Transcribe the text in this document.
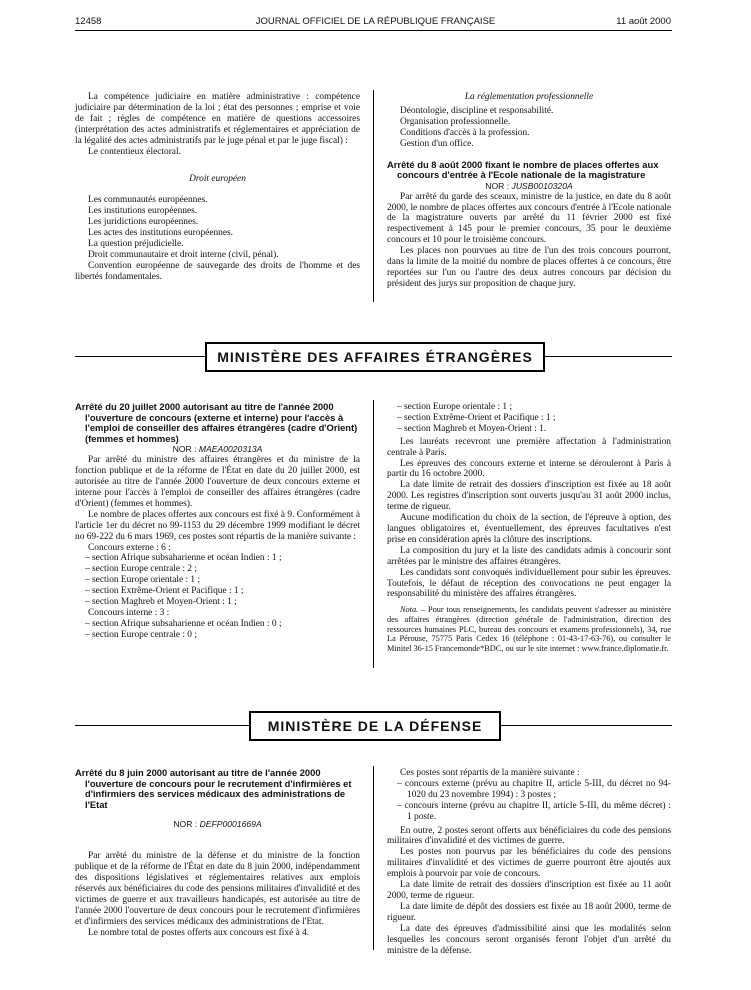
12458	JOURNAL OFFICIEL DE LA RÉPUBLIQUE FRANÇAISE	11 août 2000

La compétence judiciaire en matière administrative : compétence judiciaire par détermination de la loi ; état des personnes ; emprise et voie de fait ; règles de compétence en matière de questions accessoires (interprétation des actes administratifs et réglementaires et appréciation de la légalité des actes administratifs par le juge pénal et par le juge fiscal) :

Le contentieux électoral.

Droit européen

Les communautés européennes.

Les institutions européennes.

Les juridictions européennes.

Les actes des institutions européennes.

La question préjudicielle.

Droit communautaire et droit interne (civil, pénal).

Convention européenne de sauvegarde des droits de l'homme et des libertés fondamentales.

La réglementation professionnelle

Déontologie, discipline et responsabilité.

Organisation professionnelle.

Conditions d'accès à la profession.

Gestion d'un office.

Arrêté du 8 août 2000 fixant le nombre de places offertes aux concours d'entrée à l'Ecole nationale de la magistrature

NOR : JUSB0010320A

Par arrêté du garde des sceaux, ministre de la justice, en date du 8 août 2000, le nombre de places offertes aux concours d'entrée à l'Ecole nationale de la magistrature ouverts par arrêté du 11 février 2000 est fixé respectivement à 145 pour le premier concours, 35 pour le deuxième concours et 10 pour le troisième concours.

Les places non pourvues au titre de l'un des trois concours pourront, dans la limite de la moitié du nombre de places offertes à ce concours, être reportées sur l'un ou l'autre des deux autres concours par décision du président des jurys sur proposition de chaque jury.

MINISTÈRE DES AFFAIRES ÉTRANGÈRES

Arrêté du 20 juillet 2000 autorisant au titre de l'année 2000 l'ouverture de concours (externe et interne) pour l'accès à l'emploi de conseiller des affaires étrangères (cadre d'Orient) (femmes et hommes)

NOR : MAEA0020313A

Par arrêté du ministre des affaires étrangères et du ministre de la fonction publique et de la réforme de l'État en date du 20 juillet 2000, est autorisée au titre de l'année 2000 l'ouverture de deux concours externe et interne pour l'accès à l'emploi de conseiller des affaires étrangères (cadre d'Orient) (femmes et hommes).

Le nombre de places offertes aux concours est fixé à 9. Conformément à l'article 1er du décret no 99-1153 du 29 décembre 1999 modifiant le décret no 69-222 du 6 mars 1969, ces postes sont répartis de la manière suivante :

Concours externe : 6 :

– section Afrique subsaharienne et océan Indien : 1 ;
– section Europe centrale : 2 ;
– section Europe orientale : 1 ;
– section Extrême-Orient et Pacifique : 1 ;
– section Maghreb et Moyen-Orient : 1 ;

Concours interne : 3 :

– section Afrique subsaharienne et océan Indien : 0 ;
– section Europe centrale : 0 ;
– section Europe orientale : 1 ;
– section Extrême-Orient et Pacifique : 1 ;
– section Maghreb et Moyen-Orient : 1.

Les lauréats recevront une première affectation à l'administration centrale à Paris.

Les épreuves des concours externe et interne se dérouleront à Paris à partir du 16 octobre 2000.

La date limite de retrait des dossiers d'inscription est fixée au 18 août 2000. Les registres d'inscription sont ouverts jusqu'au 31 août 2000 inclus, terme de rigueur.

Aucune modification du choix de la section, de l'épreuve à option, des langues obligatoires et, éventuellement, des épreuves facultatives n'est prise en considération après la clôture des inscriptions.

La composition du jury et la liste des candidats admis à concourir sont arrêtées par le ministre des affaires étrangères.

Les candidats sont convoqués individuellement pour subir les épreuves. Toutefois, le défaut de réception des convocations ne peut engager la responsabilité du ministère des affaires étrangères.

Nota. – Pour tous renseignements, les candidats peuvent s'adresser au ministère des affaires étrangères (direction générale de l'administration, direction des ressources humaines PLC, bureau des concours et examens professionnels), 34, rue La Pérouse, 75775 Paris Cedex 16 (téléphone : 01-43-17-63-76), ou consulter le Minitel 36-15 Francemonde*BDC, ou sur le site internet : www.france.diplomatie.fr.

MINISTÈRE DE LA DÉFENSE

Arrêté du 8 juin 2000 autorisant au titre de l'année 2000 l'ouverture de concours pour le recrutement d'infirmières et d'infirmiers des services médicaux des administrations de l'Etat

NOR : DEFP0001669A

Par arrêté du ministre de la défense et du ministre de la fonction publique et de la réforme de l'État en date du 8 juin 2000, indépendamment des dispositions législatives et réglementaires relatives aux emplois réservés aux bénéficiaires du code des pensions militaires d'invalidité et des victimes de guerre et aux travailleurs handicapés, est autorisée au titre de l'année 2000 l'ouverture de deux concours pour le recrutement d'infirmières et d'infirmiers des services médicaux des administrations de l'Etat.

Le nombre total de postes offerts aux concours est fixé à 4.

Ces postes sont répartis de la manière suivante :

– concours externe (prévu au chapitre II, article 5-III, du décret no 94-1020 du 23 novembre 1994) : 3 postes ;
– concours interne (prévu au chapitre II, article 5-III, du même décret) : 1 poste.

En outre, 2 postes seront offerts aux bénéficiaires du code des pensions militaires d'invalidité et des victimes de guerre.

Les postes non pourvus par les bénéficiaires du code des pensions militaires d'invalidité et des victimes de guerre pourront être ajoutés aux emplois à pourvoir par voie de concours.

La date limite de retrait des dossiers d'inscription est fixée au 11 août 2000, terme de rigueur.

La date limite de dépôt des dossiers est fixée au 18 août 2000, terme de rigueur.

La date des épreuves d'admissibilité ainsi que les modalités selon lesquelles les concours seront organisés feront l'objet d'un arrêté du ministre de la défense.
